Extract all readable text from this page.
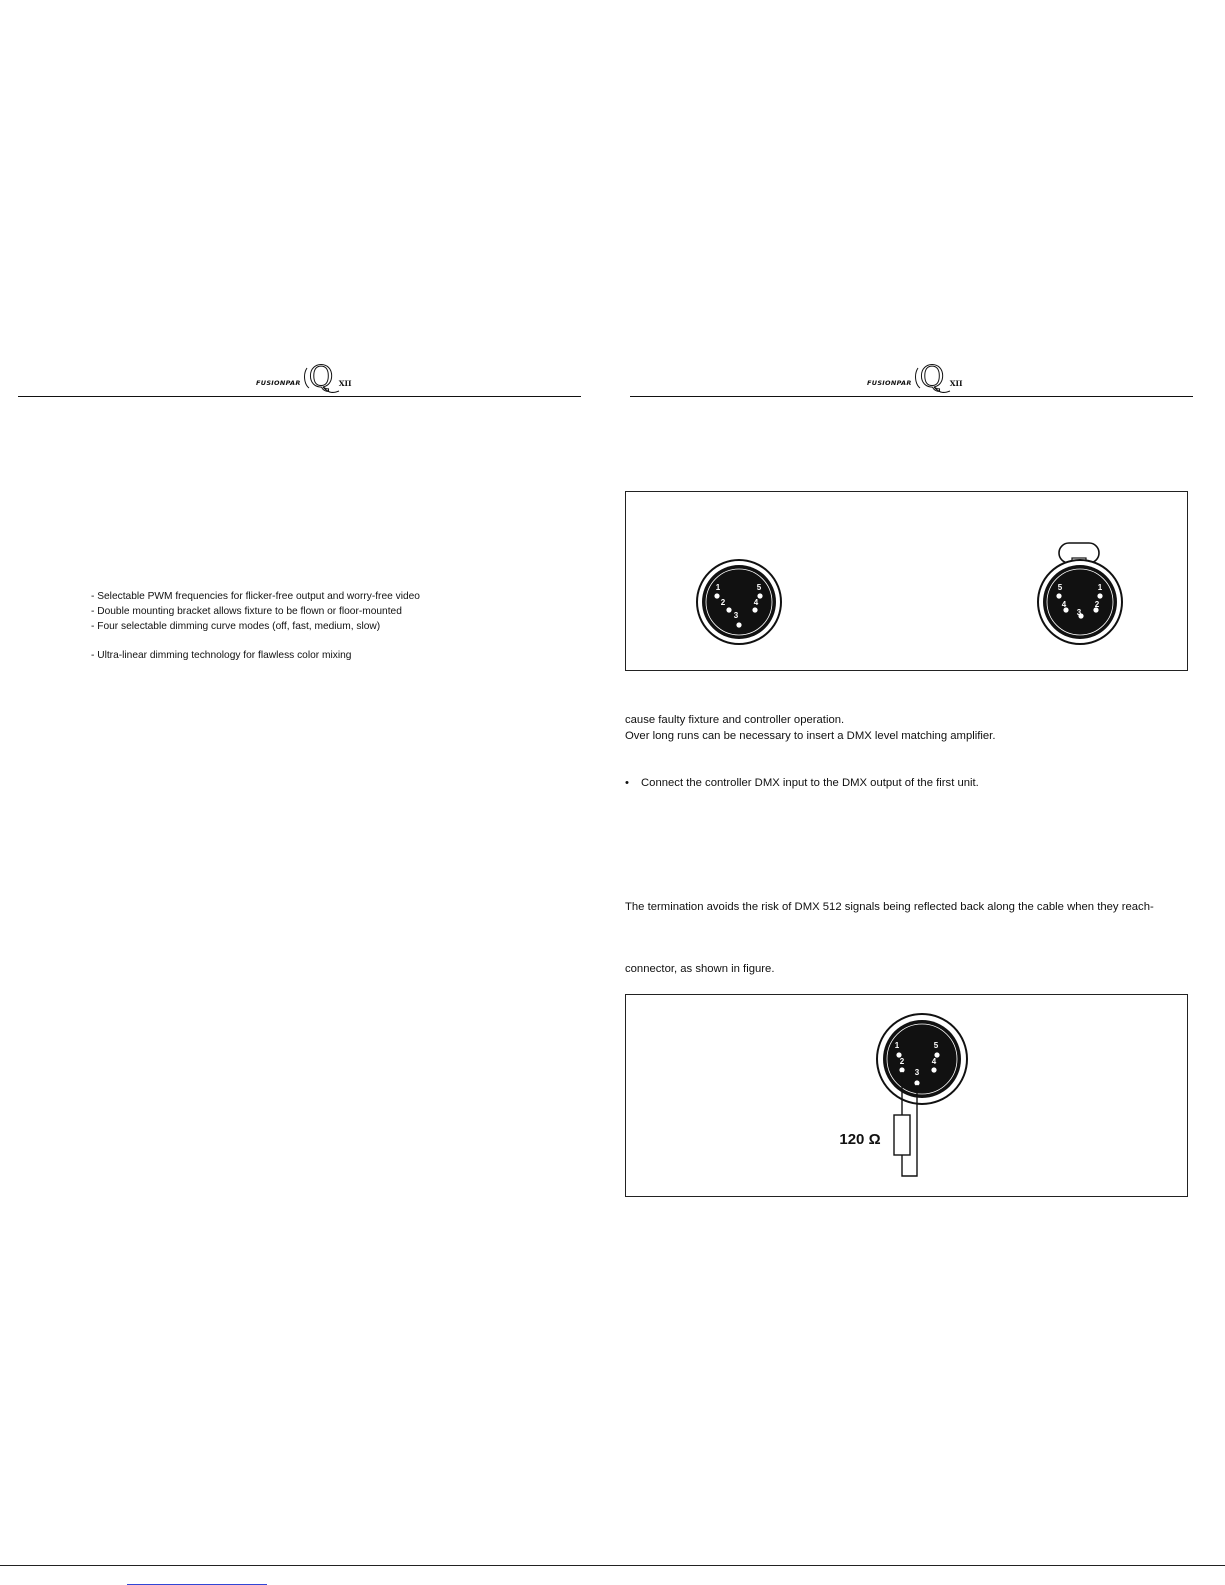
FUSIONPAR Q XII
- Selectable PWM frequencies for flicker-free output and worry-free video
- Double mounting bracket allows fixture to be flown or floor-mounted
- Four selectable dimming curve modes (off, fast, medium, slow)
- Ultra-linear dimming technology for flawless color mixing
FUSIONPAR Q XII
1
2
3
4
5	1
2
3
4
5
cause faulty fixture and controller operation.
Over long runs can be necessary to insert a DMX level matching amplifier.
• Connect the controller DMX input to the DMX output of the first unit.
The termination avoids the risk of DMX 512 signals being reflected back along the cable when they reach-
connector, as shown in figure.
1
2
3
4
5
120 Ω
